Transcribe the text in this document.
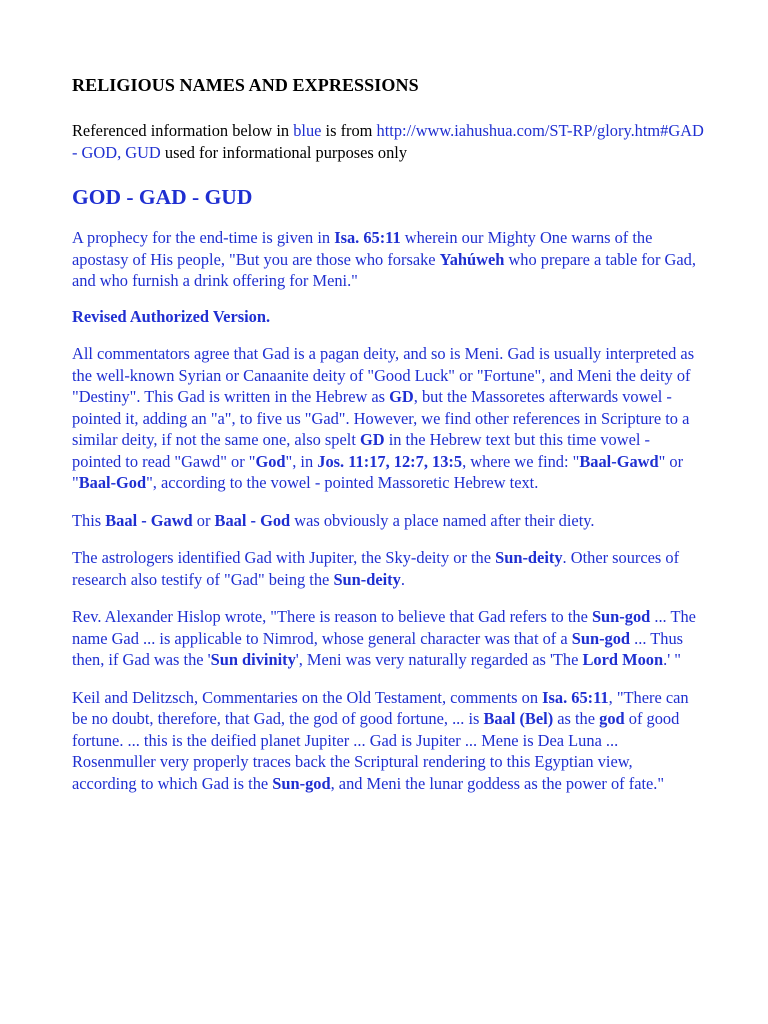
RELIGIOUS NAMES AND EXPRESSIONS

Referenced information below in blue is from http://www.iahushua.com/ST-RP/glory.htm#GAD - GOD, GUD used for informational purposes only

GOD - GAD - GUD

A prophecy for the end-time is given in Isa. 65:11 wherein our Mighty One warns of the apostasy of His people, "But you are those who forsake Yahúweh who prepare a table for Gad, and who furnish a drink offering for Meni."

Revised Authorized Version.

All commentators agree that Gad is a pagan deity, and so is Meni. Gad is usually interpreted as the well-known Syrian or Canaanite deity of "Good Luck" or "Fortune", and Meni the deity of "Destiny". This Gad is written in the Hebrew as GD, but the Massoretes afterwards vowel - pointed it, adding an "a", to five us "Gad". However, we find other references in Scripture to a similar deity, if not the same one, also spelt GD in the Hebrew text but this time vowel - pointed to read "Gawd" or "God", in Jos. 11:17, 12:7, 13:5, where we find: "Baal-Gawd" or "Baal-God", according to the vowel - pointed Massoretic Hebrew text.

This Baal - Gawd or Baal - God was obviously a place named after their diety.

The astrologers identified Gad with Jupiter, the Sky-deity or the Sun-deity. Other sources of research also testify of "Gad" being the Sun-deity.

Rev. Alexander Hislop wrote, "There is reason to believe that Gad refers to the Sun-god ... The name Gad ... is applicable to Nimrod, whose general character was that of a Sun-god ... Thus then, if Gad was the 'Sun divinity', Meni was very naturally regarded as 'The Lord Moon.' "

Keil and Delitzsch, Commentaries on the Old Testament, comments on Isa. 65:11, "There can be no doubt, therefore, that Gad, the god of good fortune, ... is Baal (Bel) as the god of good fortune. ... this is the deified planet Jupiter ... Gad is Jupiter ... Mene is Dea Luna ... Rosenmuller very properly traces back the Scriptural rendering to this Egyptian view, according to which Gad is the Sun-god, and Meni the lunar goddess as the power of fate."
